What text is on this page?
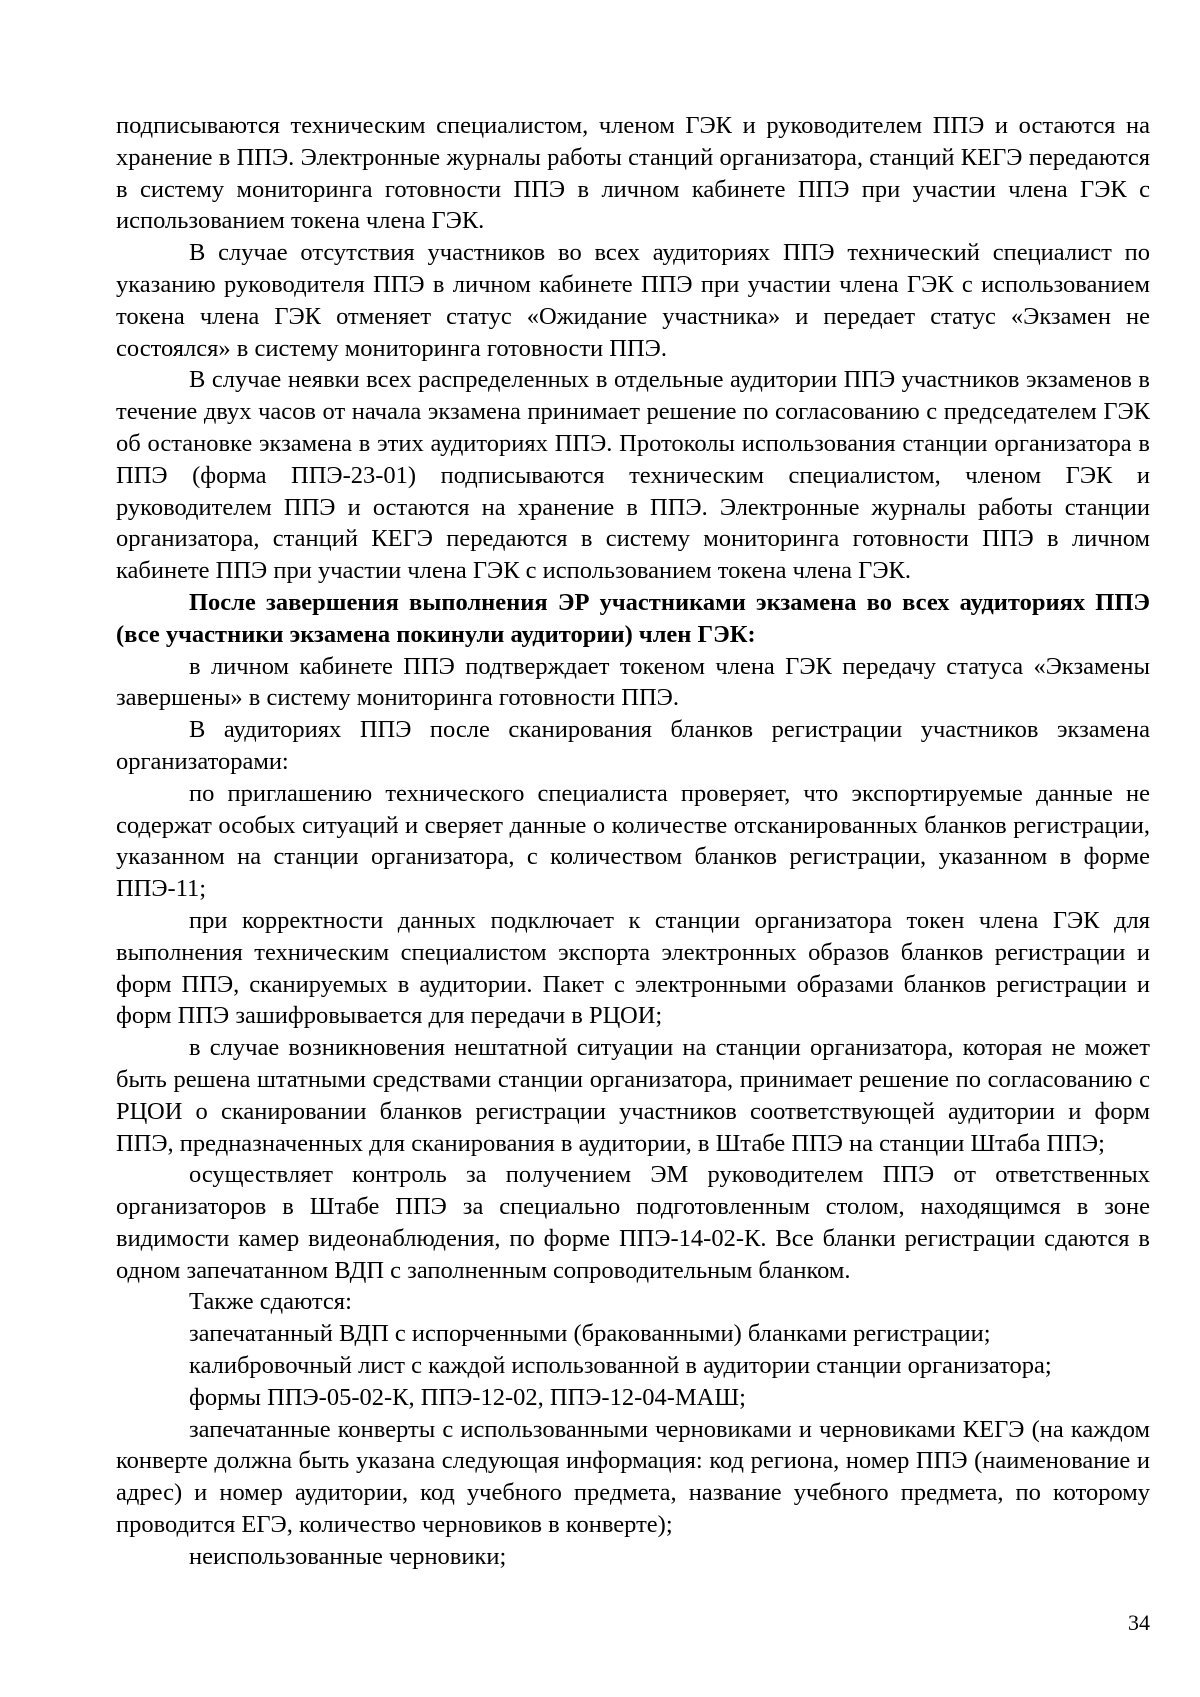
подписываются техническим специалистом, членом ГЭК и руководителем ППЭ и остаются на хранение в ППЭ. Электронные журналы работы станций организатора, станций КЕГЭ передаются в систему мониторинга готовности ППЭ в личном кабинете ППЭ при участии члена ГЭК с использованием токена члена ГЭК.

В случае отсутствия участников во всех аудиториях ППЭ технический специалист по указанию руководителя ППЭ в личном кабинете ППЭ при участии члена ГЭК с использованием токена члена ГЭК отменяет статус «Ожидание участника» и передает статус «Экзамен не состоялся» в систему мониторинга готовности ППЭ.

В случае неявки всех распределенных в отдельные аудитории ППЭ участников экзаменов в течение двух часов от начала экзамена принимает решение по согласованию с председателем ГЭК об остановке экзамена в этих аудиториях ППЭ. Протоколы использования станции организатора в ППЭ (форма ППЭ-23-01) подписываются техническим специалистом, членом ГЭК и руководителем ППЭ и остаются на хранение в ППЭ. Электронные журналы работы станции организатора, станций КЕГЭ передаются в систему мониторинга готовности ППЭ в личном кабинете ППЭ при участии члена ГЭК с использованием токена члена ГЭК.

После завершения выполнения ЭР участниками экзамена во всех аудиториях ППЭ (все участники экзамена покинули аудитории) член ГЭК:

в личном кабинете ППЭ подтверждает токеном члена ГЭК передачу статуса «Экзамены завершены» в систему мониторинга готовности ППЭ.

В аудиториях ППЭ после сканирования бланков регистрации участников экзамена организаторами:

по приглашению технического специалиста проверяет, что экспортируемые данные не содержат особых ситуаций и сверяет данные о количестве отсканированных бланков регистрации, указанном на станции организатора, с количеством бланков регистрации, указанном в форме ППЭ-11;

при корректности данных подключает к станции организатора токен члена ГЭК для выполнения техническим специалистом экспорта электронных образов бланков регистрации и форм ППЭ, сканируемых в аудитории. Пакет с электронными образами бланков регистрации и форм ППЭ зашифровывается для передачи в РЦОИ;

в случае возникновения нештатной ситуации на станции организатора, которая не может быть решена штатными средствами станции организатора, принимает решение по согласованию с РЦОИ о сканировании бланков регистрации участников соответствующей аудитории и форм ППЭ, предназначенных для сканирования в аудитории, в Штабе ППЭ на станции Штаба ППЭ;

осуществляет контроль за получением ЭМ руководителем ППЭ от ответственных организаторов в Штабе ППЭ за специально подготовленным столом, находящимся в зоне видимости камер видеонаблюдения, по форме ППЭ-14-02-К. Все бланки регистрации сдаются в одном запечатанном ВДП с заполненным сопроводительным бланком.

Также сдаются:

запечатанный ВДП с испорченными (бракованными) бланками регистрации;

калибровочный лист с каждой использованной в аудитории станции организатора;

формы ППЭ-05-02-К, ППЭ-12-02, ППЭ-12-04-МАШ;

запечатанные конверты с использованными черновиками и черновиками КЕГЭ (на каждом конверте должна быть указана следующая информация: код региона, номер ППЭ (наименование и адрес) и номер аудитории, код учебного предмета, название учебного предмета, по которому проводится ЕГЭ, количество черновиков в конверте);

неиспользованные черновики;

34
